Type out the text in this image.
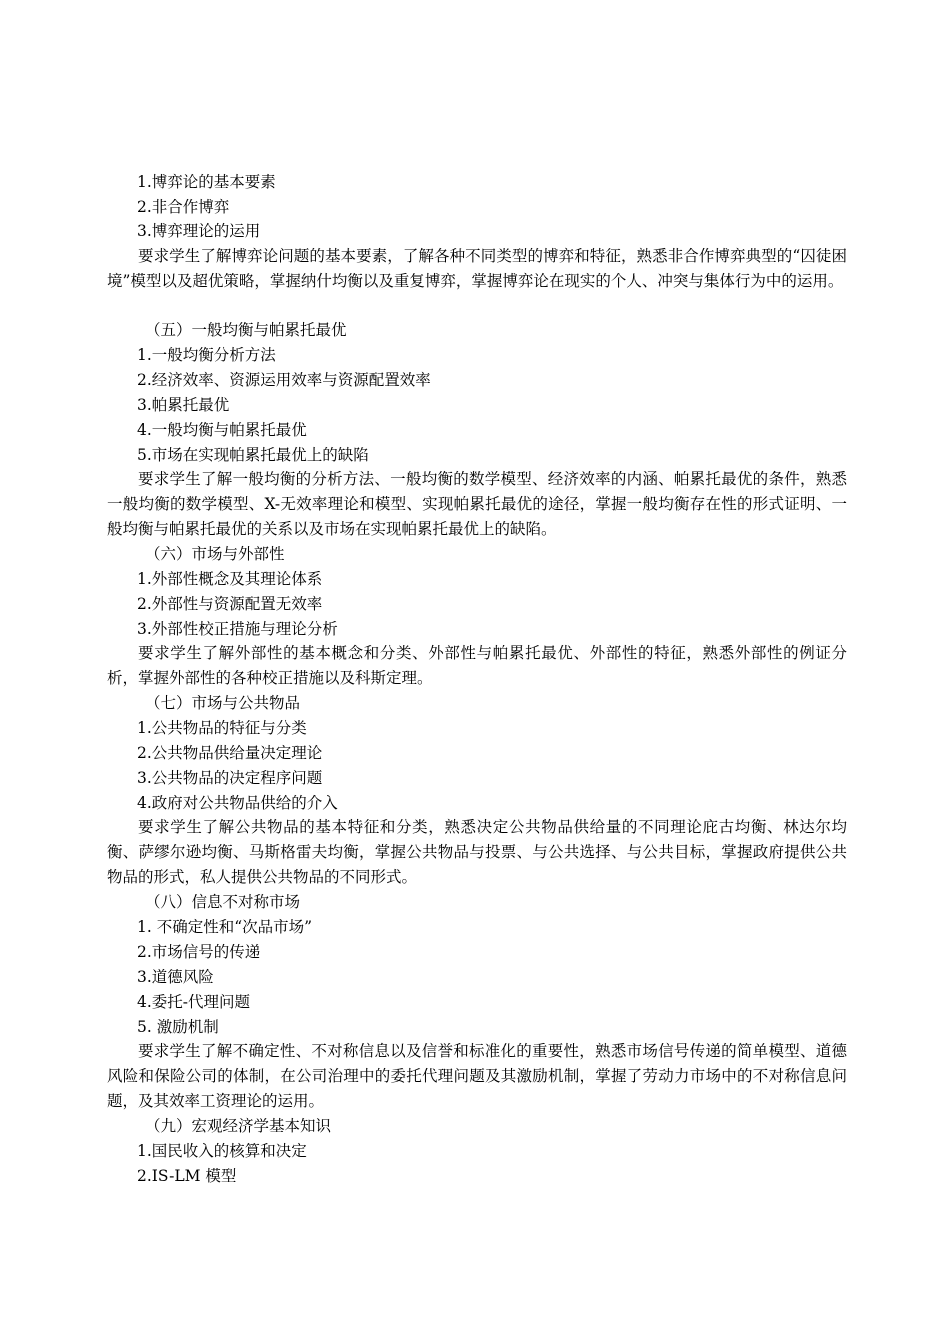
1.博弈论的基本要素
2.非合作博弈
3.博弈理论的运用
要求学生了解博弈论问题的基本要素，了解各种不同类型的博弈和特征，熟悉非合作博弈典型的“囚徒困境”模型以及超优策略，掌握纳什均衡以及重复博弈，掌握博弈论在现实的个人、冲突与集体行为中的运用。
（五）一般均衡与帕累托最优
1.一般均衡分析方法
2.经济效率、资源运用效率与资源配置效率
3.帕累托最优
4.一般均衡与帕累托最优
5.市场在实现帕累托最优上的缺陷
要求学生了解一般均衡的分析方法、一般均衡的数学模型、经济效率的内涵、帕累托最优的条件，熟悉一般均衡的数学模型、X-无效率理论和模型、实现帕累托最优的途径，掌握一般均衡存在性的形式证明、一般均衡与帕累托最优的关系以及市场在实现帕累托最优上的缺陷。
（六）市场与外部性
1.外部性概念及其理论体系
2.外部性与资源配置无效率
3.外部性校正措施与理论分析
要求学生了解外部性的基本概念和分类、外部性与帕累托最优、外部性的特征，熟悉外部性的例证分析，掌握外部性的各种校正措施以及科斯定理。
（七）市场与公共物品
1.公共物品的特征与分类
2.公共物品供给量决定理论
3.公共物品的决定程序问题
4.政府对公共物品供给的介入
要求学生了解公共物品的基本特征和分类，熟悉决定公共物品供给量的不同理论庇古均衡、林达尔均衡、萨缪尔逊均衡、马斯格雷夫均衡，掌握公共物品与投票、与公共选择、与公共目标，掌握政府提供公共物品的形式，私人提供公共物品的不同形式。
（八）信息不对称市场
1. 不确定性和“次品市场”
2.市场信号的传递
3.道德风险
4.委托-代理问题
5. 激励机制
要求学生了解不确定性、不对称信息以及信誉和标准化的重要性，熟悉市场信号传递的简单模型、道德风险和保险公司的体制，在公司治理中的委托代理问题及其激励机制，掌握了劳动力市场中的不对称信息问题，及其效率工资理论的运用。
（九）宏观经济学基本知识
1.国民收入的核算和决定
2.IS-LM 模型
